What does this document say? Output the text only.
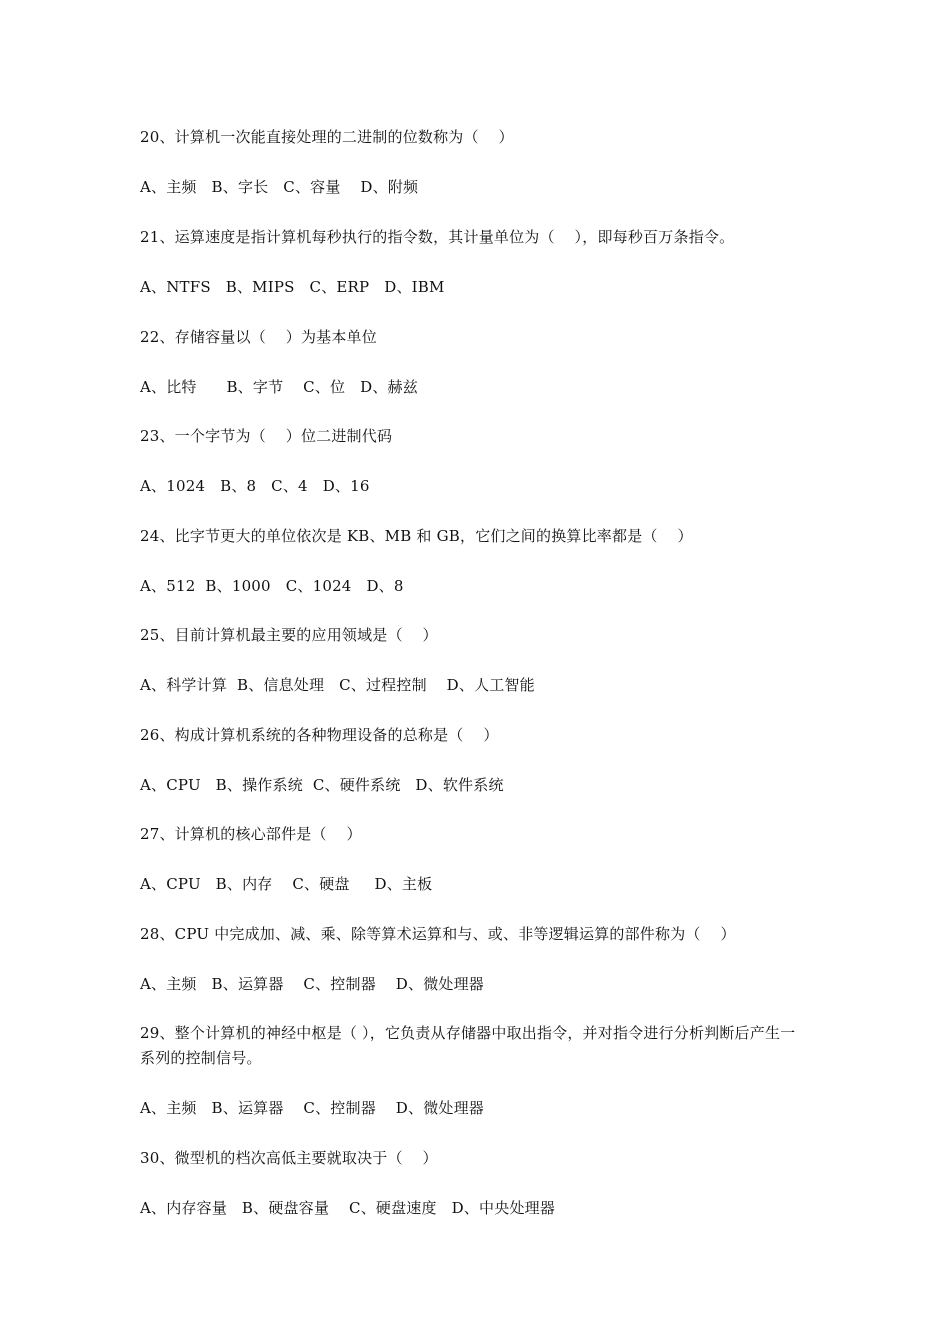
20、计算机一次能直接处理的二进制的位数称为（    ）
A、主频   B、字长   C、容量    D、附频
21、运算速度是指计算机每秒执行的指令数，其计量单位为（    ），即每秒百万条指令。
A、NTFS   B、MIPS   C、ERP   D、IBM
22、存储容量以（    ）为基本单位
A、比特      B、字节    C、位   D、赫兹
23、一个字节为（    ）位二进制代码
A、1024   B、8   C、4   D、16
24、比字节更大的单位依次是 KB、MB 和 GB，它们之间的换算比率都是（    ）
A、512  B、1000   C、1024   D、8
25、目前计算机最主要的应用领域是（    ）
A、科学计算  B、信息处理   C、过程控制    D、人工智能
26、构成计算机系统的各种物理设备的总称是（    ）
A、CPU   B、操作系统  C、硬件系统   D、软件系统
27、计算机的核心部件是（    ）
A、CPU   B、内存    C、硬盘     D、主板
28、CPU 中完成加、减、乘、除等算术运算和与、或、非等逻辑运算的部件称为（    ）
A、主频   B、运算器    C、控制器    D、微处理器
29、整个计算机的神经中枢是（ ），它负责从存储器中取出指令，并对指令进行分析判断后产生一系列的控制信号。
A、主频   B、运算器    C、控制器    D、微处理器
30、微型机的档次高低主要就取决于（    ）
A、内存容量   B、硬盘容量    C、硬盘速度   D、中央处理器
